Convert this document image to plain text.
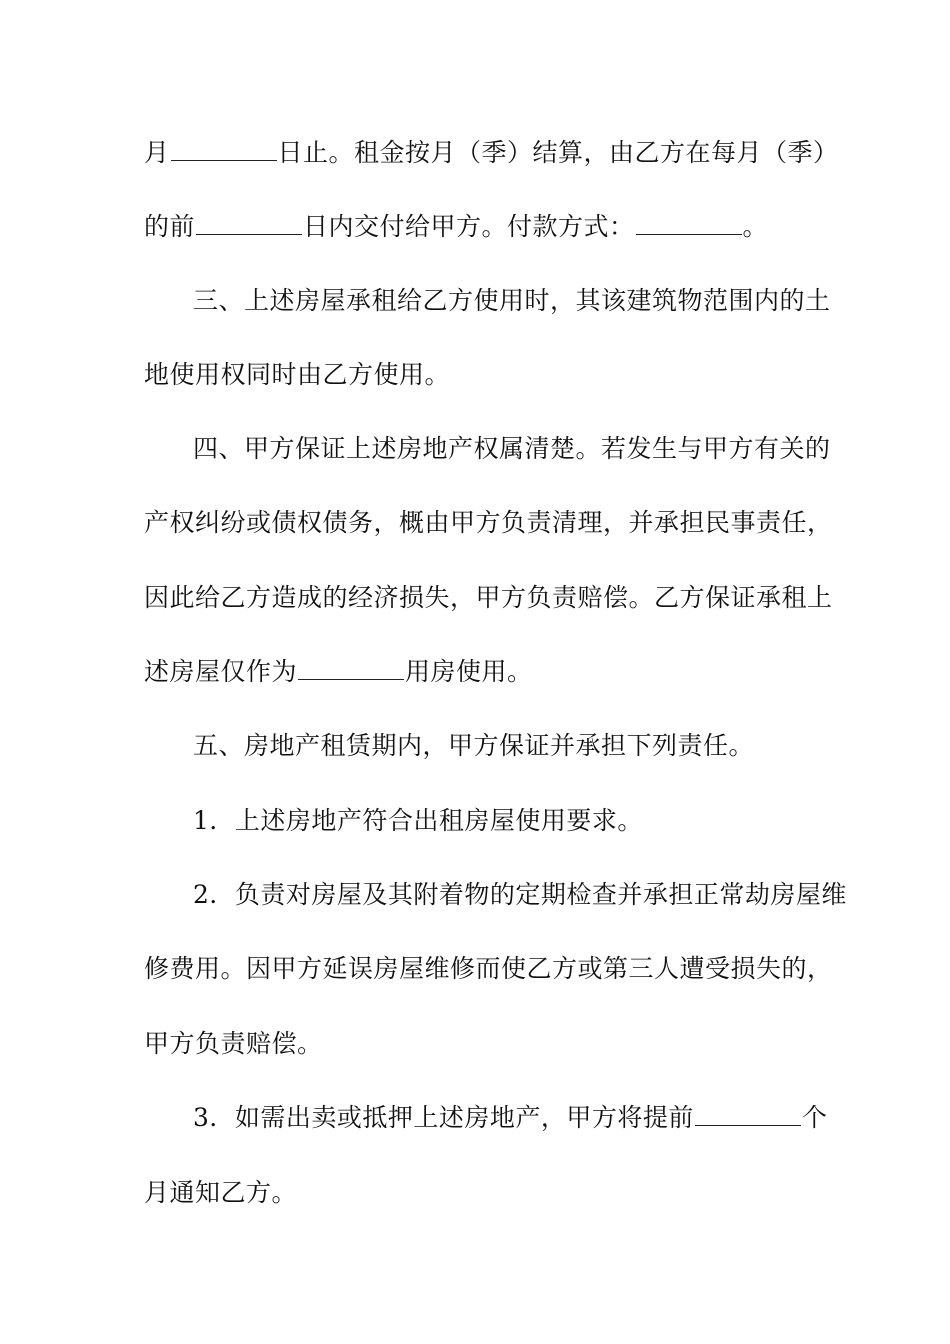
月	日止。租金按月（季）结算，由乙方在每月（季）
的前	日内交付给甲方。付款方式：	。
三、上述房屋承租给乙方使用时，其该建筑物范围内的土
地使用权同时由乙方使用。
四、甲方保证上述房地产权属清楚。若发生与甲方有关的
产权纠纷或债权债务，概由甲方负责清理，并承担民事责任，
因此给乙方造成的经济损失，甲方负责赔偿。乙方保证承租上
述房屋仅作为	用房使用。
五、房地产租赁期内，甲方保证并承担下列责任。
1．上述房地产符合出租房屋使用要求。
2．负责对房屋及其附着物的定期检查并承担正常劫房屋维
修费用。因甲方延误房屋维修而使乙方或第三人遭受损失的，
甲方负责赔偿。
3．如需出卖或抵押上述房地产，甲方将提前	个
月通知乙方。
